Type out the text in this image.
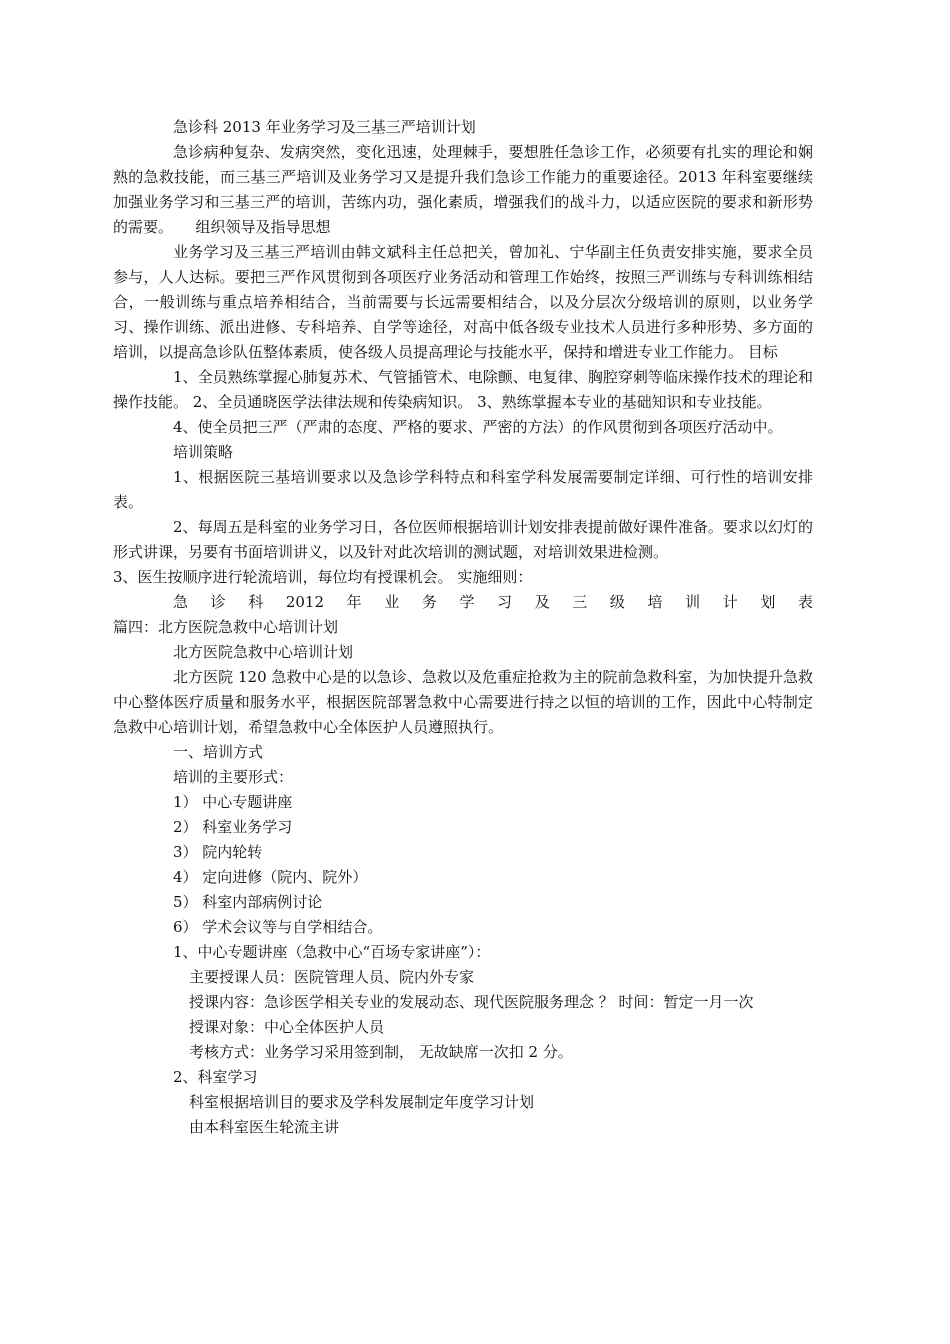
急诊科 2013 年业务学习及三基三严培训计划

急诊病种复杂、发病突然，变化迅速，处理棘手，要想胜任急诊工作，必须要有扎实的理论和娴熟的急救技能，而三基三严培训及业务学习又是提升我们急诊工作能力的重要途径。2013 年科室要继续加强业务学习和三基三严的培训，苦练内功，强化素质，增强我们的战斗力，以适应医院的要求和新形势的需要。　　组织领导及指导思想

业务学习及三基三严培训由韩文斌科主任总把关，曾加礼、宁华副主任负责安排实施，要求全员参与，人人达标。要把三严作风贯彻到各项医疗业务活动和管理工作始终，按照三严训练与专科训练相结合，一般训练与重点培养相结合，当前需要与长远需要相结合，以及分层次分级培训的原则，以业务学习、操作训练、派出进修、专科培养、自学等途径，对高中低各级专业技术人员进行多种形势、多方面的培训，以提高急诊队伍整体素质，使各级人员提高理论与技能水平，保持和增进专业工作能力。 目标

1、全员熟练掌握心肺复苏术、气管插管术、电除颤、电复律、胸腔穿刺等临床操作技术的理论和操作技能。 2、全员通晓医学法律法规和传染病知识。 3、熟练掌握本专业的基础知识和专业技能。

4、使全员把三严（严肃的态度、严格的要求、严密的方法）的作风贯彻到各项医疗活动中。

培训策略

1、根据医院三基培训要求以及急诊学科特点和科室学科发展需要制定详细、可行性的培训安排表。

2、每周五是科室的业务学习日，各位医师根据培训计划安排表提前做好课件准备。要求以幻灯的形式讲课，另要有书面培训讲义，以及针对此次培训的测试题，对培训效果进检测。

3、医生按顺序进行轮流培训，每位均有授课机会。 实施细则：

急 诊 科 2012 年 业 务 学 习 及 三 级 培 训 计 划 表

篇四：北方医院急救中心培训计划

北方医院急救中心培训计划

北方医院 120 急救中心是的以急诊、急救以及危重症抢救为主的院前急救科室，为加快提升急救中心整体医疗质量和服务水平，根据医院部署急救中心需要进行持之以恒的培训的工作，因此中心特制定急救中心培训计划，希望急救中心全体医护人员遵照执行。

一、培训方式

培训的主要形式：

1） 中心专题讲座

2） 科室业务学习

3） 院内轮转

4） 定向进修（院内、院外）

5） 科室内部病例讨论

6） 学术会议等与自学相结合。

1、中心专题讲座（急救中心“百场专家讲座”）：

主要授课人员：医院管理人员、院内外专家

授课内容：急诊医学相关专业的发展动态、现代医院服务理念 ？ 时间：暂定一月一次

授课对象：中心全体医护人员

考核方式：业务学习采用签到制， 无故缺席一次扣 2 分。

2、科室学习

科室根据培训目的要求及学科发展制定年度学习计划

由本科室医生轮流主讲
